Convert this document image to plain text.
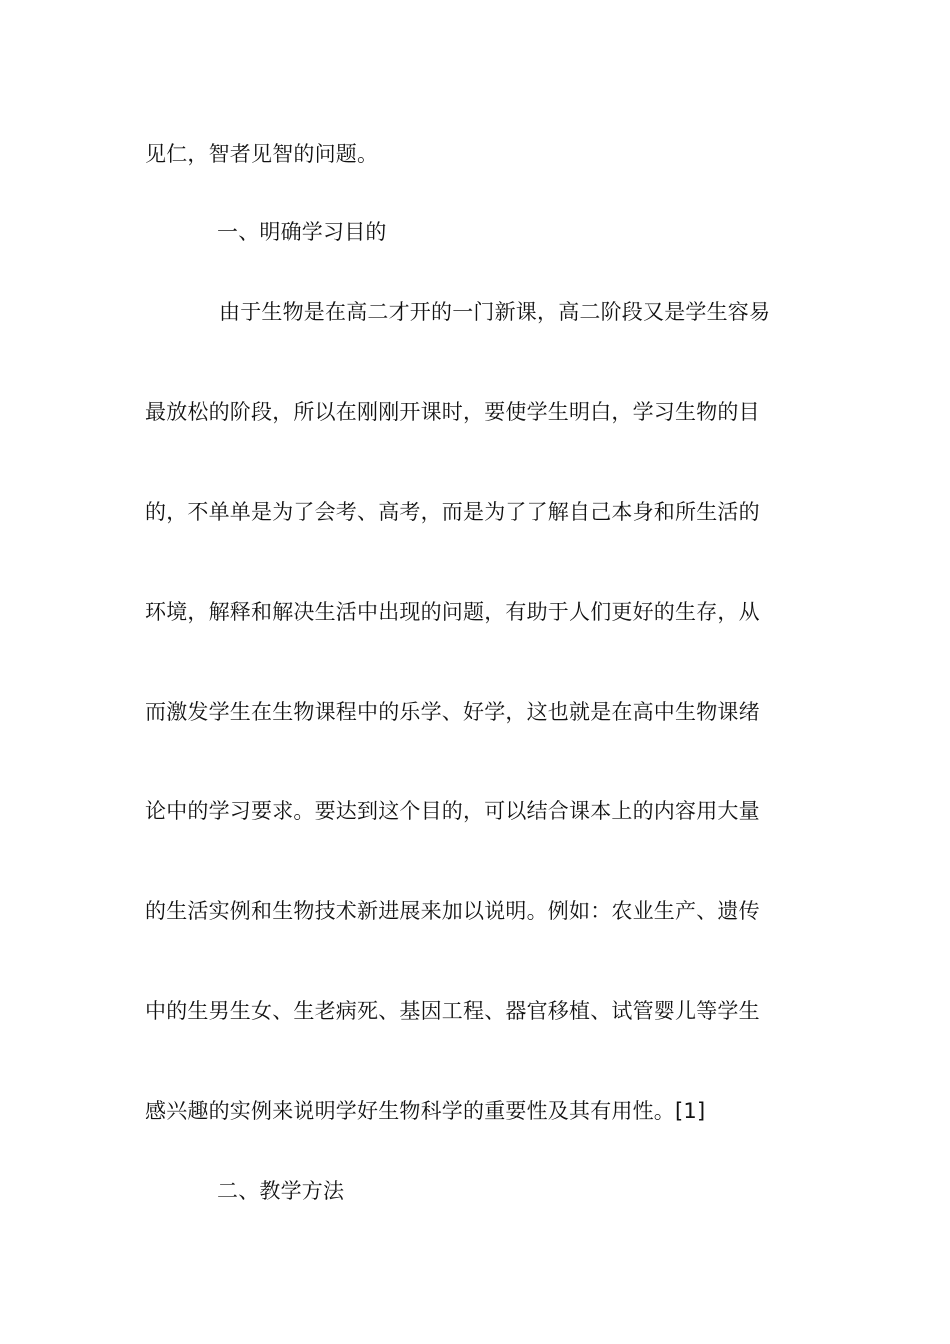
见仁，智者见智的问题。
一、明确学习目的
由于生物是在高二才开的一门新课，高二阶段又是学生容易
最放松的阶段，所以在刚刚开课时，要使学生明白，学习生物的目
的，不单单是为了会考、高考，而是为了了解自己本身和所生活的
环境，解释和解决生活中出现的问题，有助于人们更好的生存，从
而激发学生在生物课程中的乐学、好学，这也就是在高中生物课绪
论中的学习要求。要达到这个目的，可以结合课本上的内容用大量
的生活实例和生物技术新进展来加以说明。例如：农业生产、遗传
中的生男生女、生老病死、基因工程、器官移植、试管婴儿等学生
感兴趣的实例来说明学好生物科学的重要性及其有用性。[1]
二、教学方法
